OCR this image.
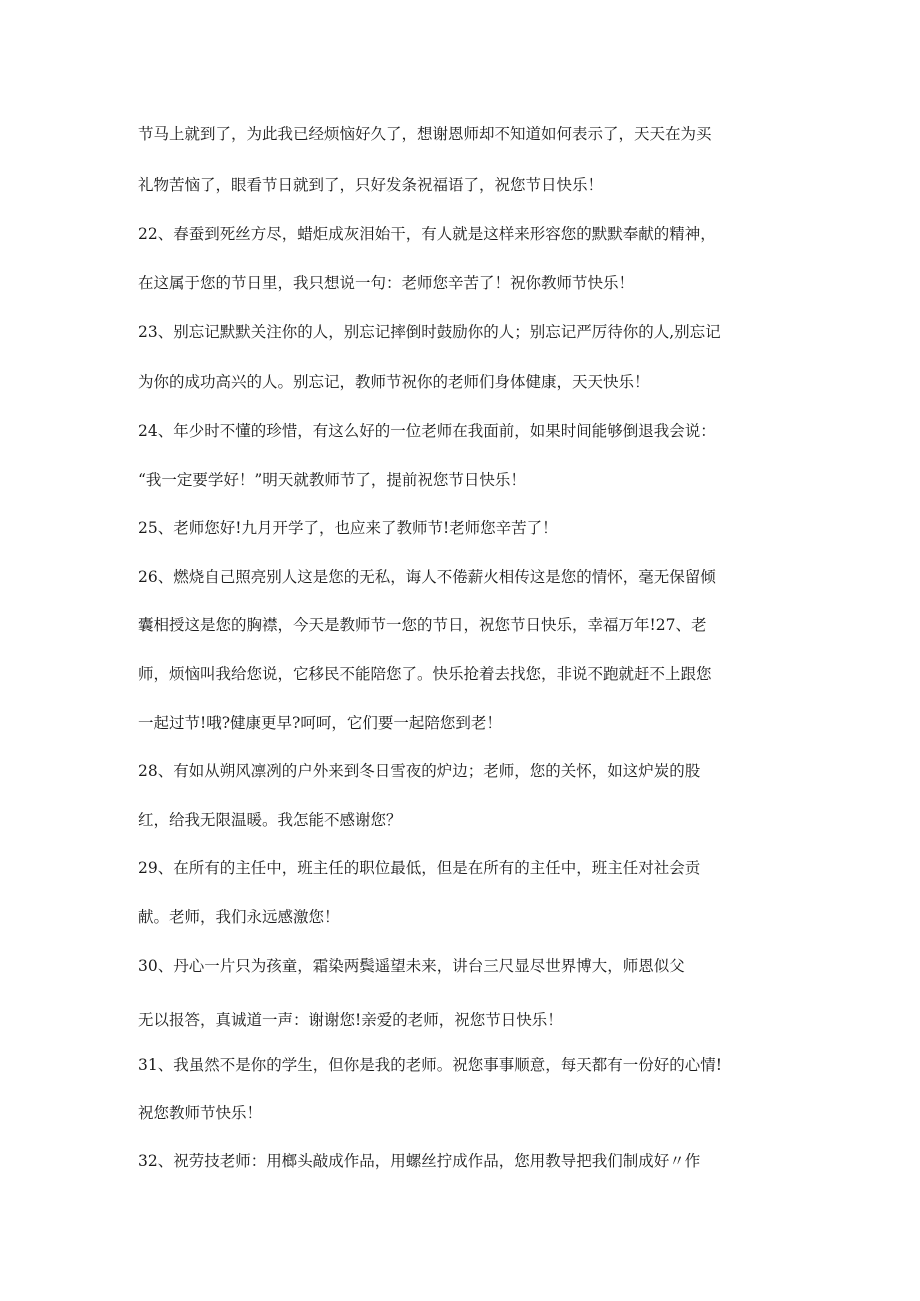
节马上就到了，为此我已经烦恼好久了，想谢恩师却不知道如何表示了，天天在为买

礼物苦恼了，眼看节日就到了，只好发条祝福语了，祝您节日快乐！

22、春蚕到死丝方尽，蜡炬成灰泪始干，有人就是这样来形容您的默默奉献的精神，

在这属于您的节日里，我只想说一句：老师您辛苦了！祝你教师节快乐！

23、别忘记默默关注你的人，别忘记摔倒时鼓励你的人；别忘记严厉待你的人,别忘记

为你的成功高兴的人。别忘记，教师节祝你的老师们身体健康，天天快乐！

24、年少时不懂的珍惜，有这么好的一位老师在我面前，如果时间能够倒退我会说：

“我一定要学好！”明天就教师节了，提前祝您节日快乐！

25、老师您好!九月开学了，也应来了教师节!老师您辛苦了！

26、燃烧自己照亮别人这是您的无私，诲人不倦薪火相传这是您的情怀，毫无保留倾

囊相授这是您的胸襟，今天是教师节一您的节日，祝您节日快乐，幸福万年!27、老

师，烦恼叫我给您说，它移民不能陪您了。快乐抢着去找您，非说不跑就赶不上跟您

一起过节!哦?健康更早?呵呵，它们要一起陪您到老！

28、有如从朔风凛冽的户外来到冬日雪夜的炉边；老师，您的关怀，如这炉炭的股

红，给我无限温暖。我怎能不感谢您？

29、在所有的主任中，班主任的职位最低，但是在所有的主任中，班主任对社会贡

献。老师，我们永远感激您！

30、丹心一片只为孩童，霜染两鬓遥望未来，讲台三尺显尽世界博大，师恩似父

无以报答，真诚道一声：谢谢您!亲爱的老师，祝您节日快乐！

31、我虽然不是你的学生，但你是我的老师。祝您事事顺意，每天都有一份好的心情!

祝您教师节快乐！

32、祝劳技老师：用榔头敲成作品，用螺丝拧成作品，您用教导把我们制成好〃作
